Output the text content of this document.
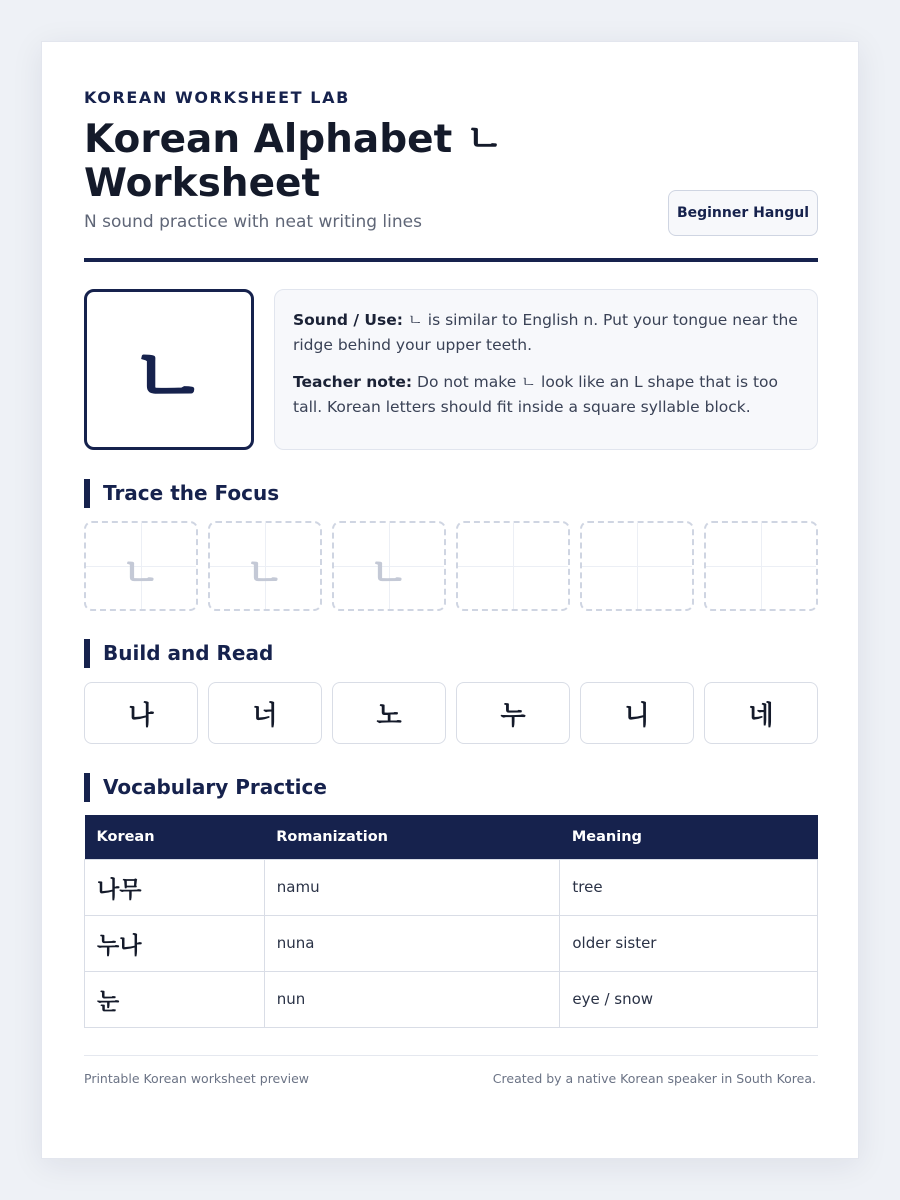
KOREAN WORKSHEET LAB
Korean Alphabet ㄴ Worksheet
N sound practice with neat writing lines	Beginner Hangul
ㄴ

Sound / Use: ㄴ is similar to English n. Put your tongue near the ridge behind your upper teeth.

Teacher note: Do not make ㄴ look like an L shape that is too tall. Korean letters should fit inside a square syllable block.

Trace the Focus
ㄴ ㄴ ㄴ
Build and Read
나	너	노	누	니	네
Vocabulary Practice
Korean	Romanization	Meaning
나무	namu	tree
누나	nuna	older sister
눈	nun	eye / snow
Printable Korean worksheet preview	Created by a native Korean speaker in South Korea.
